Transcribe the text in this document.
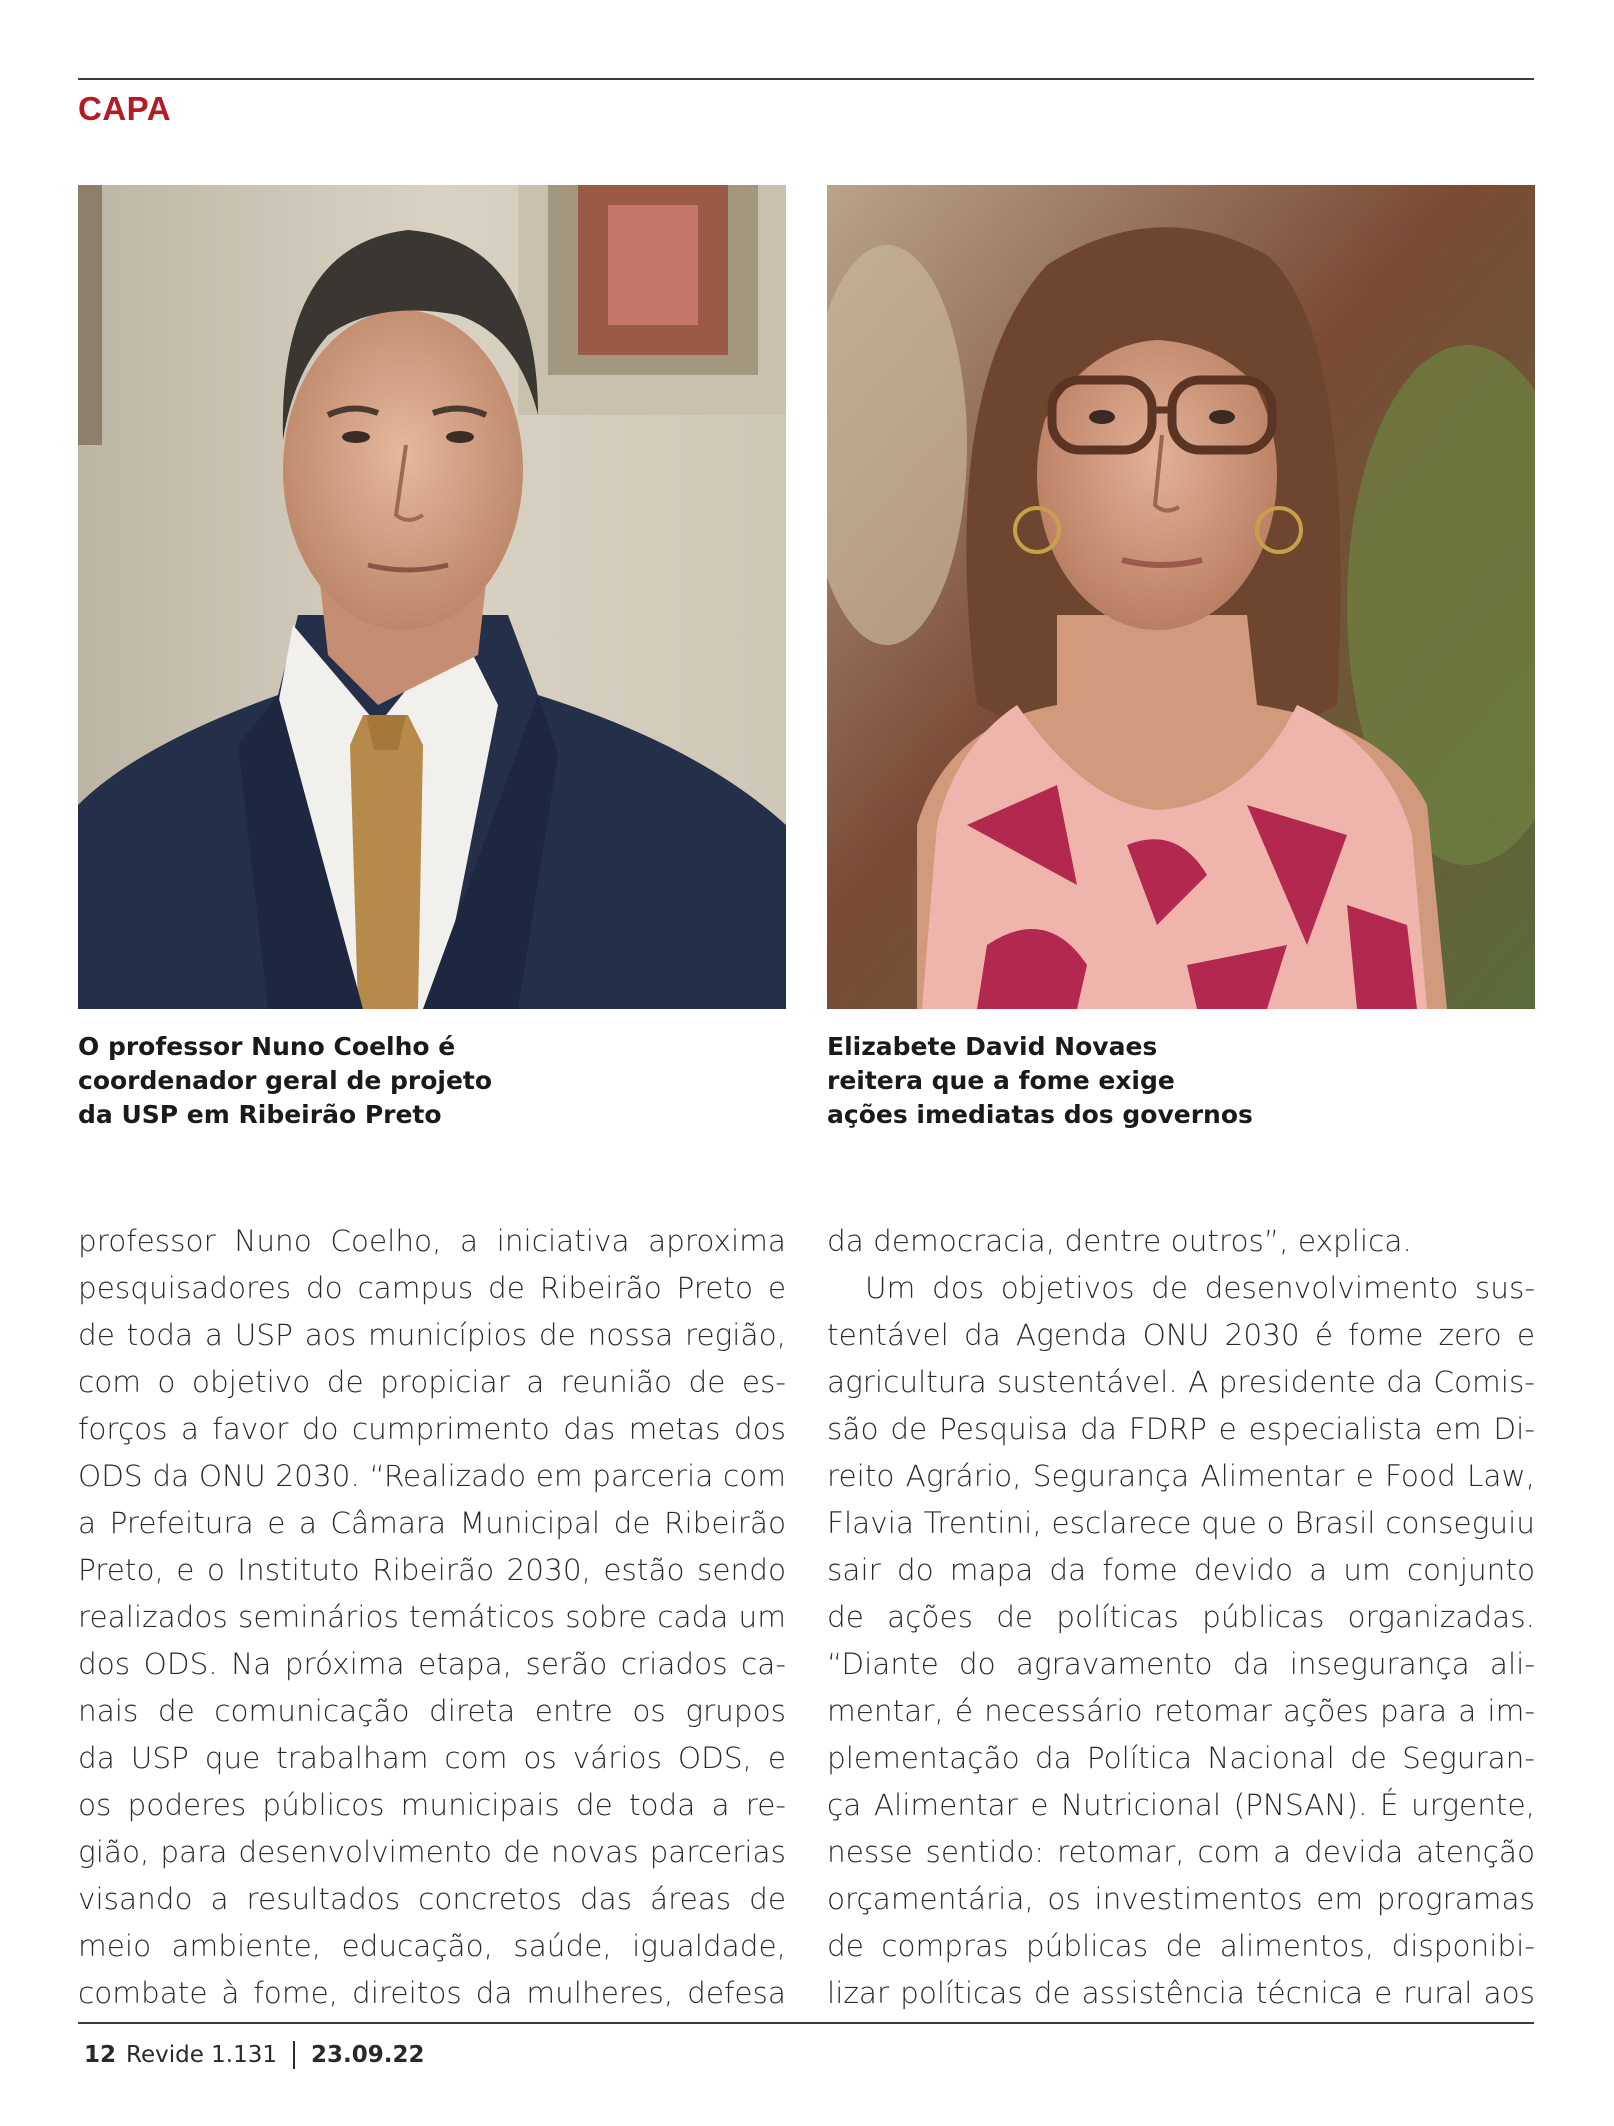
CAPA
O professor Nuno Coelho é
coordenador geral de projeto
da USP em Ribeirão Preto
Elizabete David Novaes
reitera que a fome exige
ações imediatas dos governos
professor Nuno Coelho, a iniciativa aproxima
pesquisadores do campus de Ribeirão Preto e
de toda a USP aos municípios de nossa região,
com o objetivo de propiciar a reunião de es-
forços a favor do cumprimento das metas dos
ODS da ONU 2030. “Realizado em parceria com
a Prefeitura e a Câmara Municipal de Ribeirão
Preto, e o Instituto Ribeirão 2030, estão sendo
realizados seminários temáticos sobre cada um
dos ODS. Na próxima etapa, serão criados ca-
nais de comunicação direta entre os grupos
da USP que trabalham com os vários ODS, e
os poderes públicos municipais de toda a re-
gião, para desenvolvimento de novas parcerias
visando a resultados concretos das áreas de
meio ambiente, educação, saúde, igualdade,
combate à fome, direitos da mulheres, defesa
da democracia, dentre outros”, explica.
Um dos objetivos de desenvolvimento sus-
tentável da Agenda ONU 2030 é fome zero e
agricultura sustentável. A presidente da Comis-
são de Pesquisa da FDRP e especialista em Di-
reito Agrário, Segurança Alimentar e Food Law,
Flavia Trentini, esclarece que o Brasil conseguiu
sair do mapa da fome devido a um conjunto
de ações de políticas públicas organizadas.
“Diante do agravamento da insegurança ali-
mentar, é necessário retomar ações para a im-
plementação da Política Nacional de Seguran-
ça Alimentar e Nutricional (PNSAN). É urgente,
nesse sentido: retomar, com a devida atenção
orçamentária, os investimentos em programas
de compras públicas de alimentos, disponibi-
lizar políticas de assistência técnica e rural aos
12 Revide 1.131 23.09.22
